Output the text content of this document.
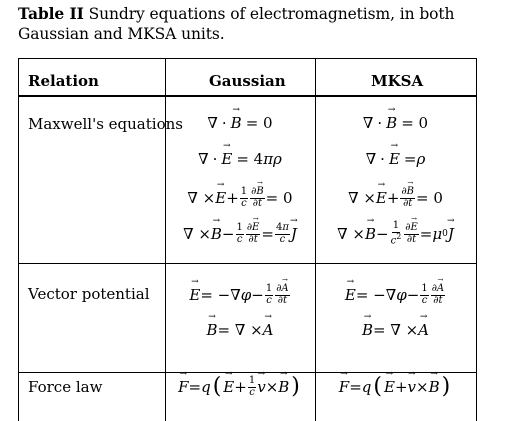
Table II Sundry equations of electromagnetism, in both Gaussian and MKSA units.
Relation	Gaussian	MKSA
Maxwell's equations
Vector potential
Force law
∇ ·
→ B = 0
∇ ·
→ E = 4 πρ
∇ ×
→ $E + \frac{1}{c} \frac{\partial\to B}{\partial t} = 0$
∇ ×
→ $B - \frac{1}{c} \frac{\partial\to E}{\partial t} = \frac{4\pi}{c}$
→ J
∇ ·
→ B = 0
∇ ·
→ E = ρ
∇ ×
→ $E + \frac{\partial\to B}{\partial t} = 0$
∇ ×
→ $B - \frac{1}{c^2} \frac{\partial\to E}{\partial t} = \mu$ 0
→ J
→ E = −∇ $\varphi - \frac{1}{c} \frac{\partial\to A}{\partial t}$
→ B = ∇ ×
→ A
→ E = −∇ $\varphi - \frac{1}{c} \frac{\partial\to A}{\partial t}$
→ B = ∇ ×
→ A
→ F = q (
→ $E + \frac{1}{c}$
→ v ×
→ B )
→	F = q (
→ E +
→ v ×
→ B )
